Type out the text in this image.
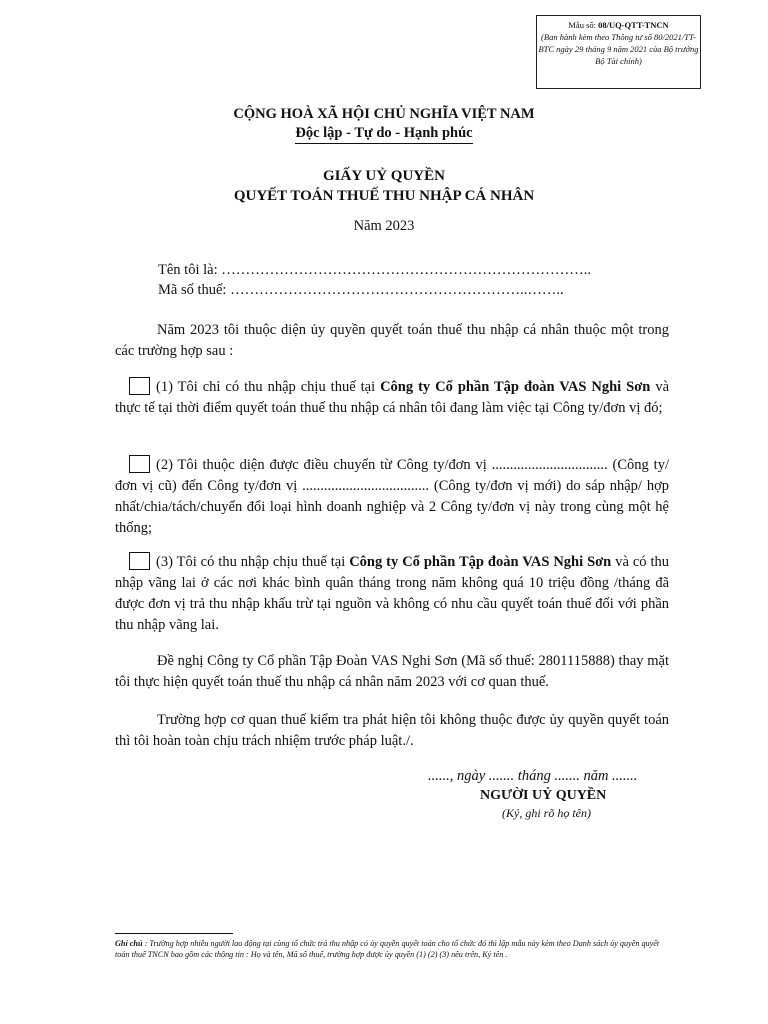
Mẫu số: 08/UQ-QTT-TNCN
(Ban hành kèm theo Thông tư số 80/2021/TT-BTC ngày 29 tháng 9 năm 2021 của Bộ trưởng Bộ Tài chính)
CỘNG HOÀ XÃ HỘI CHỦ NGHĨA VIỆT NAM
Độc lập - Tự do - Hạnh phúc
GIẤY UỶ QUYỀN
QUYẾT TOÁN THUẾ THU NHẬP CÁ NHÂN
Năm 2023
Tên tôi là: …………………………………………………………………..
Mã số thuế: ……………………………………………………..……..
Năm 2023 tôi thuộc diện ủy quyền quyết toán thuế thu nhập cá nhân thuộc một trong các trường hợp sau :
(1) Tôi chỉ có thu nhập chịu thuế tại Công ty Cổ phần Tập đoàn VAS Nghi Sơn và thực tế tại thời điểm quyết toán thuế thu nhập cá nhân tôi đang làm việc tại Công ty/đơn vị đó;
(2) Tôi thuộc diện được điều chuyển từ Công ty/đơn vị ................................ (Công ty/đơn vị cũ) đến Công ty/đơn vị ................................... (Công ty/đơn vị mới) do sáp nhập/ hợp nhất/chia/tách/chuyển đổi loại hình doanh nghiệp và 2 Công ty/đơn vị này trong cùng một hệ thống;
(3) Tôi có thu nhập chịu thuế tại Công ty Cổ phần Tập đoàn VAS Nghi Sơn và có thu nhập vãng lai ở các nơi khác bình quân tháng trong năm không quá 10 triệu đồng /tháng đã được đơn vị trả thu nhập khấu trừ tại nguồn và không có nhu cầu quyết toán thuế đối với phần thu nhập vãng lai.
Đề nghị Công ty Cổ phần Tập Đoàn VAS Nghi Sơn (Mã số thuế: 2801115888) thay mặt tôi thực hiện quyết toán thuế thu nhập cá nhân năm 2023 với cơ quan thuế.
Trường hợp cơ quan thuế kiểm tra phát hiện tôi không thuộc được ủy quyền quyết toán thì tôi hoàn toàn chịu trách nhiệm trước pháp luật./.
......, ngày ....... tháng ....... năm .......
NGƯỜI UỶ QUYỀN
(Ký, ghi rõ họ tên)
Ghi chú : Trường hợp nhiều người lao động tại cùng tổ chức trả thu nhập có ủy quyền quyết toán cho tổ chức đó thì lập mẫu này kèm theo Danh sách ủy quyền quyết toán thuế TNCN bao gồm các thông tin : Họ và tên, Mã số thuế, trường hợp được ủy quyền (1) (2) (3) nêu trên, Ký tên .
